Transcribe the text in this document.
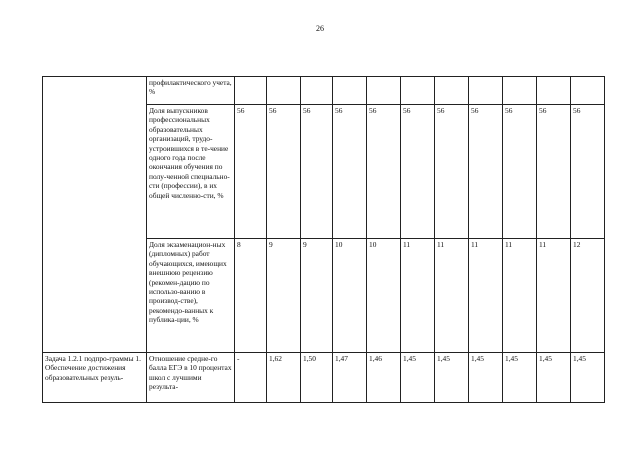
26
	профилактического учета, %											
	Доля выпускников профессиональных образовательных организаций, трудо-устроившихся в те-чение одного года после окончания обучения по полу-ченной специально-сти (профессии), в их общей численно-сти, %	56	56	56	56	56	56	56	56	56	56	56
	Доля экзаменацион-ных (дипломных) работ обучающихся, имеющих внешнюю рецензию (рекомен-дацию по использо-ванию в производ-стве), рекомендо-ванных к публика-ции, %	8	9	9	10	10	11	11	11	11	11	12
Задача 1.2.1 подпро-граммы 1. Обеспечение достижения образовательных резуль-	Отношение средне-го балла ЕГЭ в 10 процентах школ с лучшими результа-	-	1,62	1,50	1,47	1,46	1,45	1,45	1,45	1,45	1,45	1,45
